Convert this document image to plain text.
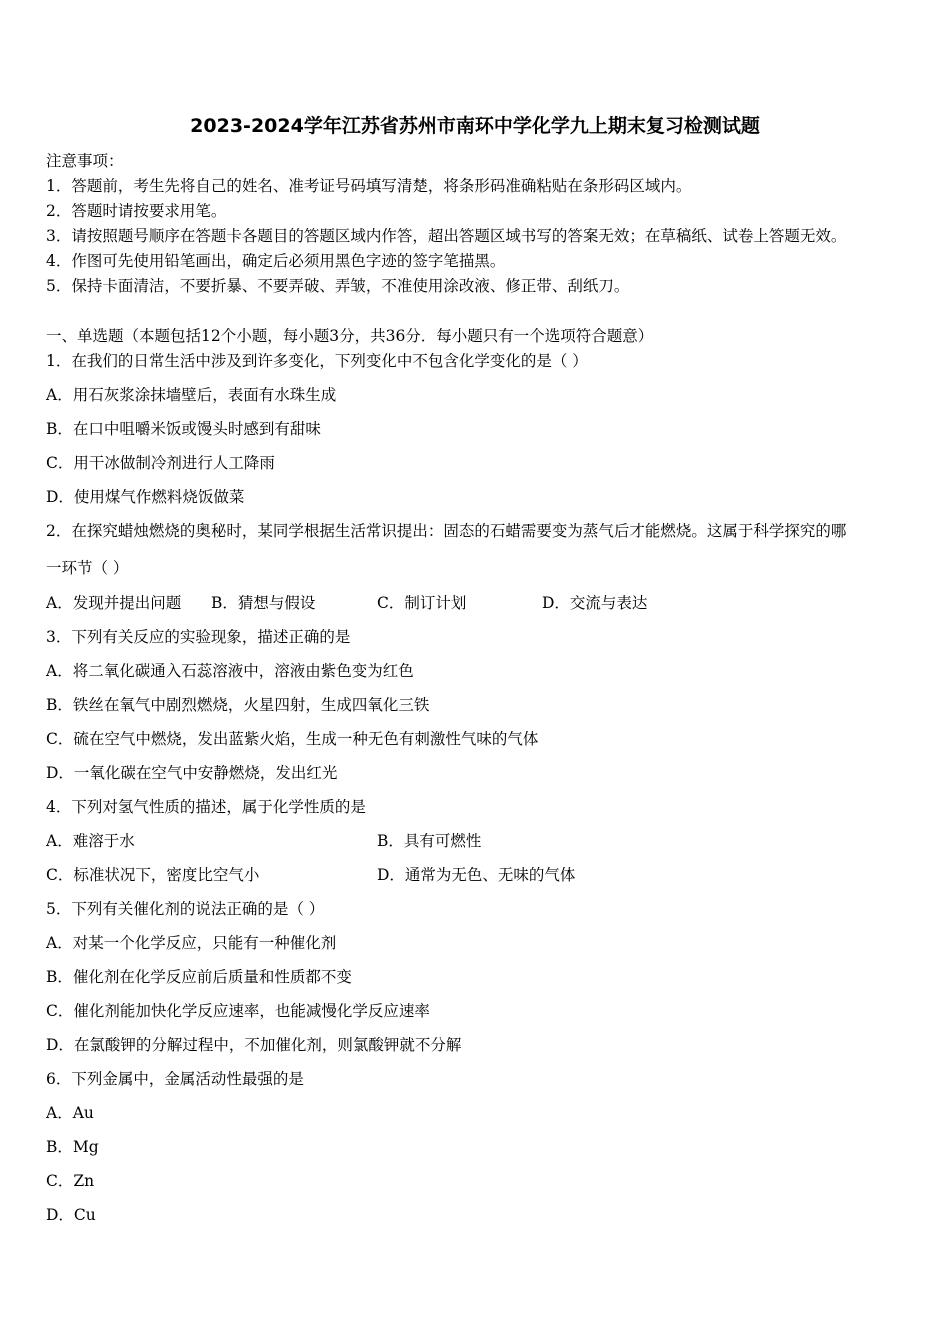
2023-2024学年江苏省苏州市南环中学化学九上期末复习检测试题
注意事项：
1．答题前，考生先将自己的姓名、准考证号码填写清楚，将条形码准确粘贴在条形码区域内。
2．答题时请按要求用笔。
3．请按照题号顺序在答题卡各题目的答题区域内作答，超出答题区域书写的答案无效；在草稿纸、试卷上答题无效。
4．作图可先使用铅笔画出，确定后必须用黑色字迹的签字笔描黑。
5．保持卡面清洁，不要折暴、不要弄破、弄皱，不准使用涂改液、修正带、刮纸刀。
一、单选题（本题包括12个小题，每小题3分，共36分．每小题只有一个选项符合题意）
1．在我们的日常生活中涉及到许多变化，下列变化中不包含化学变化的是（ ）
A．用石灰浆涂抹墙壁后，表面有水珠生成
B．在口中咀嚼米饭或馒头时感到有甜味
C．用干冰做制冷剂进行人工降雨
D．使用煤气作燃料烧饭做菜
2．在探究蜡烛燃烧的奥秘时，某同学根据生活常识提出：固态的石蜡需要变为蒸气后才能燃烧。这属于科学探究的哪
一环节（ ）
A．发现并提出问题 B．猜想与假设	C．制订计划	D．交流与表达
3．下列有关反应的实验现象，描述正确的是
A．将二氧化碳通入石蕊溶液中，溶液由紫色变为红色
B．铁丝在氧气中剧烈燃烧，火星四射，生成四氧化三铁
C．硫在空气中燃烧，发出蓝紫火焰，生成一种无色有刺激性气味的气体
D．一氧化碳在空气中安静燃烧，发出红光
4．下列对氢气性质的描述，属于化学性质的是
A．难溶于水	B．具有可燃性
C．标准状况下，密度比空气小	D．通常为无色、无味的气体
5．下列有关催化剂的说法正确的是（ ）
A．对某一个化学反应，只能有一种催化剂
B．催化剂在化学反应前后质量和性质都不变
C．催化剂能加快化学反应速率，也能减慢化学反应速率
D．在氯酸钾的分解过程中，不加催化剂，则氯酸钾就不分解
6．下列金属中，金属活动性最强的是
A．Au
B．Mg
C．Zn
D．Cu
